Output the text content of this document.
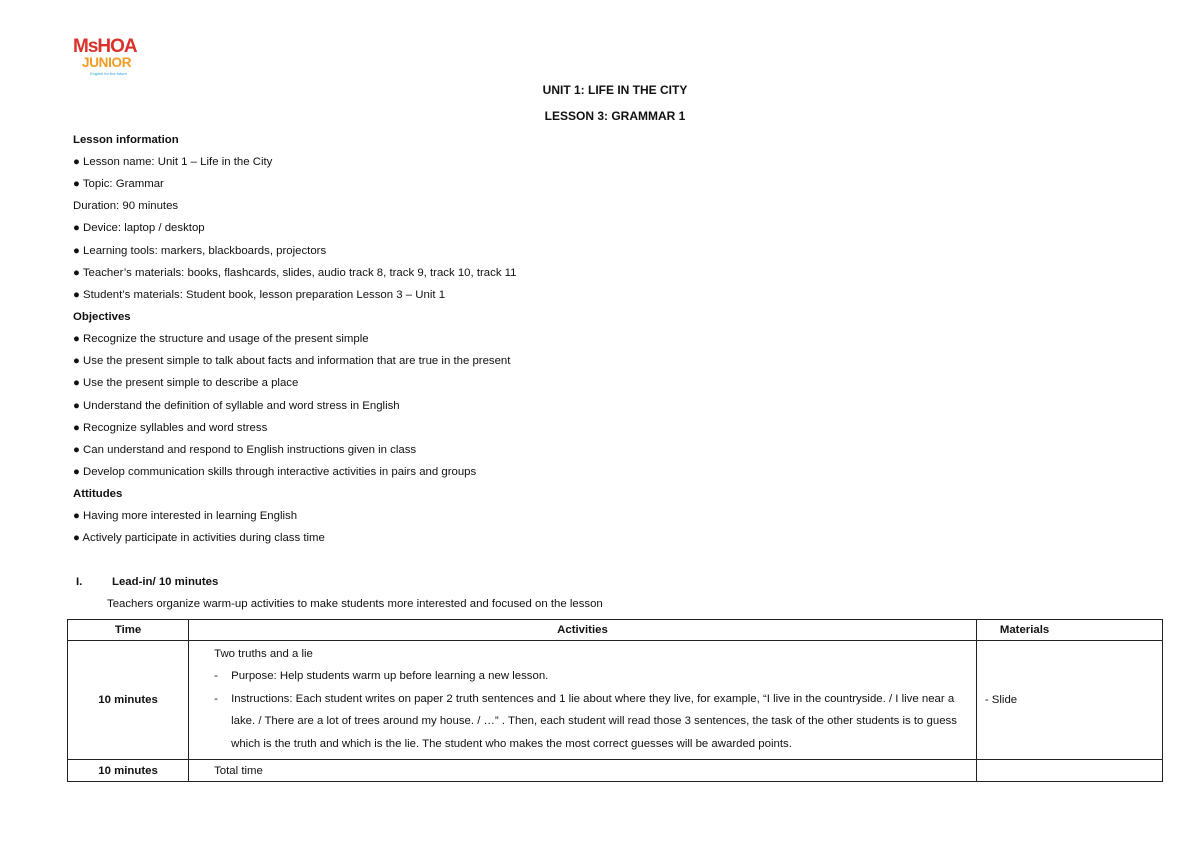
MsHOA
JUNIOR
English for the future
UNIT 1: LIFE IN THE CITY
LESSON 3: GRAMMAR 1
Lesson information
● Lesson name: Unit 1 – Life in the City
● Topic: Grammar
Duration: 90 minutes
● Device: laptop / desktop
● Learning tools: markers, blackboards, projectors
● Teacher’s materials: books, flashcards, slides, audio track 8, track 9, track 10, track 11
● Student’s materials: Student book, lesson preparation Lesson 3 – Unit 1
Objectives
● Recognize the structure and usage of the present simple
● Use the present simple to talk about facts and information that are true in the present
● Use the present simple to describe a place
● Understand the definition of syllable and word stress in English
● Recognize syllables and word stress
● Can understand and respond to English instructions given in class
● Develop communication skills through interactive activities in pairs and groups
Attitudes
● Having more interested in learning English
● Actively participate in activities during class time
I.	Lead-in/ 10 minutes
Teachers organize warm-up activities to make students more interested and focused on the lesson
Time	Activities	Materials
10 minutes	Two truths and a lie
- Purpose: Help students warm up before learning a new lesson.
- Instructions: Each student writes on paper 2 truth sentences and 1 lie about where they live, for example, “I live in the countryside. / I live near a lake. / There are a lot of trees around my house. / …” . Then, each student will read those 3 sentences, the task of the other students is to guess which is the truth and which is the lie. The student who makes the most correct guesses will be awarded points.	- Slide
10 minutes	Total time	
